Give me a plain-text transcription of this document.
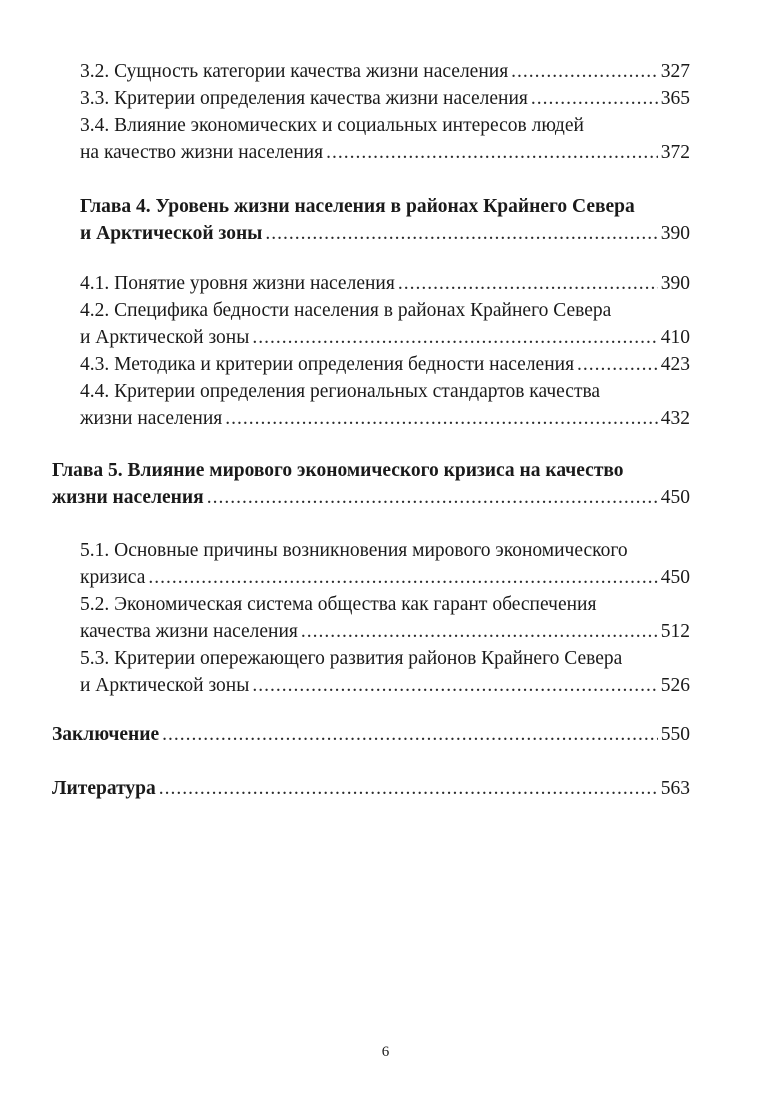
3.2. Сущность категории качества жизни населения .....	327
3.3. Критерии определения качества жизни населения .....	365
3.4. Влияние экономических и социальных интересов людей
на качество жизни населения .....	372
Глава 4. Уровень жизни населения в районах Крайнего Севера
и Арктической зоны .....	390
4.1. Понятие уровня жизни населения .....	390
4.2. Специфика бедности населения в районах Крайнего Севера
и Арктической зоны .....	410
4.3. Методика и критерии определения бедности населения .....	423
4.4. Критерии определения региональных стандартов качества
жизни населения .....	432
Глава 5. Влияние мирового экономического кризиса на качество
жизни населения .....	450
5.1. Основные причины возникновения мирового экономического
кризиса .....	450
5.2. Экономическая система общества как гарант обеспечения
качества жизни населения .....	512
5.3. Критерии опережающего развития районов Крайнего Севера
и Арктической зоны .....	526
Заключение .....	550
Литература .....	563
6
